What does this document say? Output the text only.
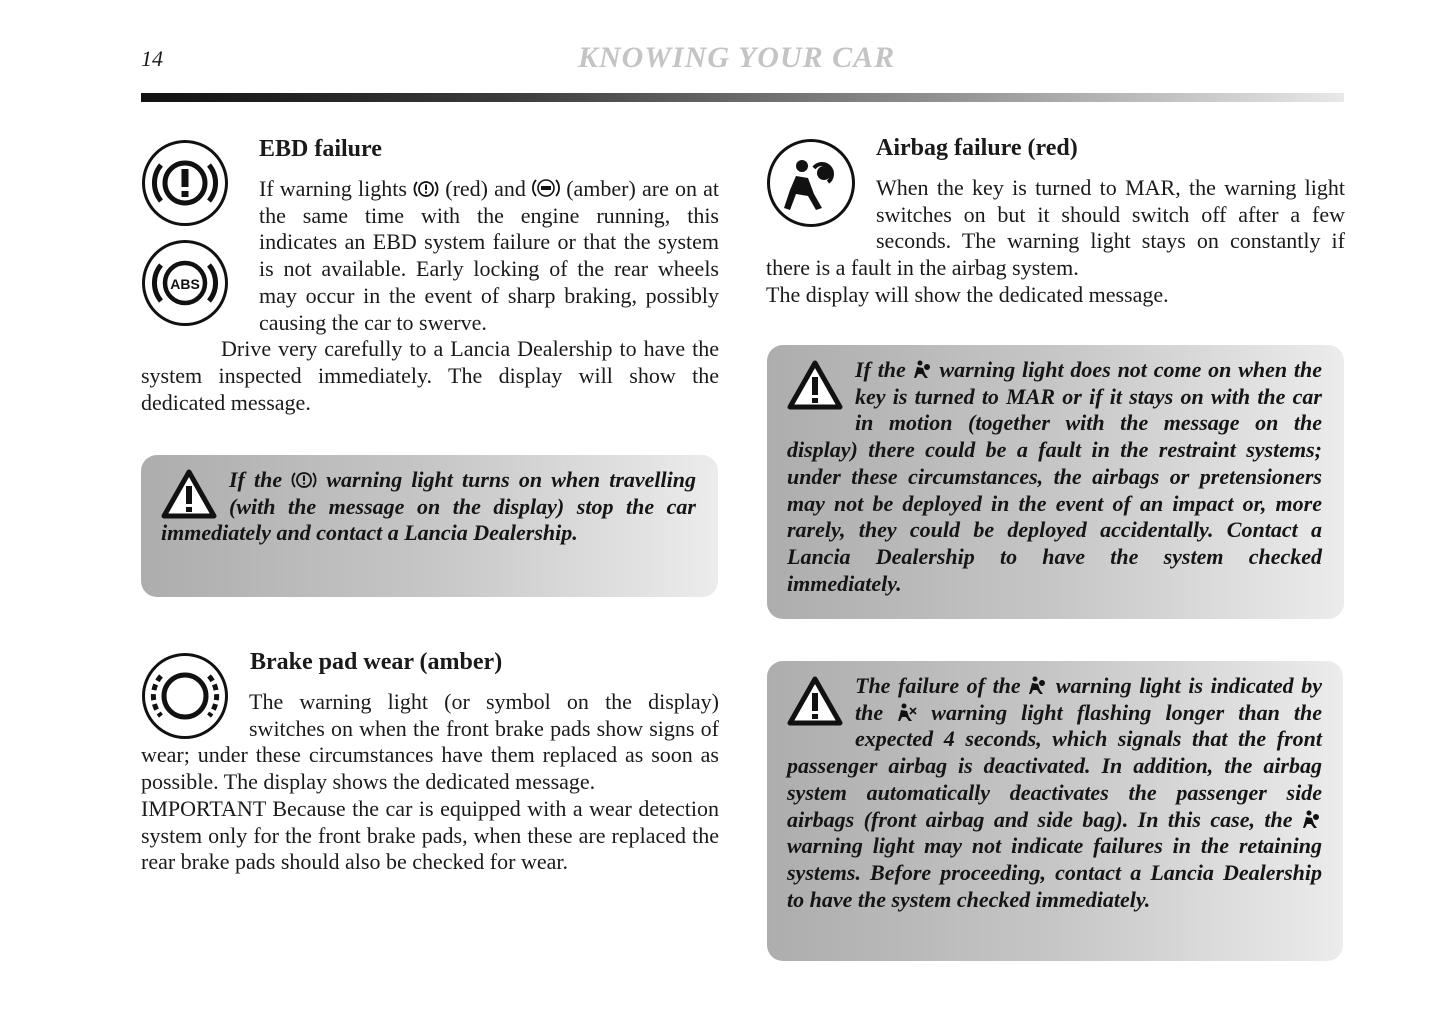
14	KNOWING YOUR CAR
ABS
EBD failure

If warning lights (red) and (amber) are on at the same time with the engine running, this indicates an EBD system failure or that the system is not available. Early locking of the rear wheels may occur in the event of sharp braking, possibly causing the car to swerve.
Drive very carefully to a Lancia Dealership to have the system inspected immediately. The display will show the dedicated message.

If the warning light turns on when travelling (with the message on the display) stop the car immediately and contact a Lancia Dealership.

Brake pad wear (amber)

The warning light (or symbol on the display) switches on when the front brake pads show signs of wear; under these circumstances have them replaced as soon as possible. The display shows the dedicated message.
IMPORTANT Because the car is equipped with a wear detection system only for the front brake pads, when these are replaced the rear brake pads should also be checked for wear.

Airbag failure (red)

When the key is turned to MAR, the warning light switches on but it should switch off after a few seconds. The warning light stays on constantly if there is a fault in the airbag system.
The display will show the dedicated message.

If the warning light does not come on when the key is turned to MAR or if it stays on with the car in motion (together with the message on the display) there could be a fault in the restraint systems; under these circumstances, the airbags or pretensioners may not be deployed in the event of an impact or, more rarely, they could be deployed accidentally. Contact a Lancia Dealership to have the system checked immediately.

The failure of the warning light is indicated by the warning light flashing longer than the expected 4 seconds, which signals that the front passenger airbag is deactivated. In addition, the airbag system automatically deactivates the passenger side airbags (front airbag and side bag). In this case, the  warning light may not indicate failures in the retaining systems. Before proceeding, contact a Lancia Dealership to have the system checked immediately.
